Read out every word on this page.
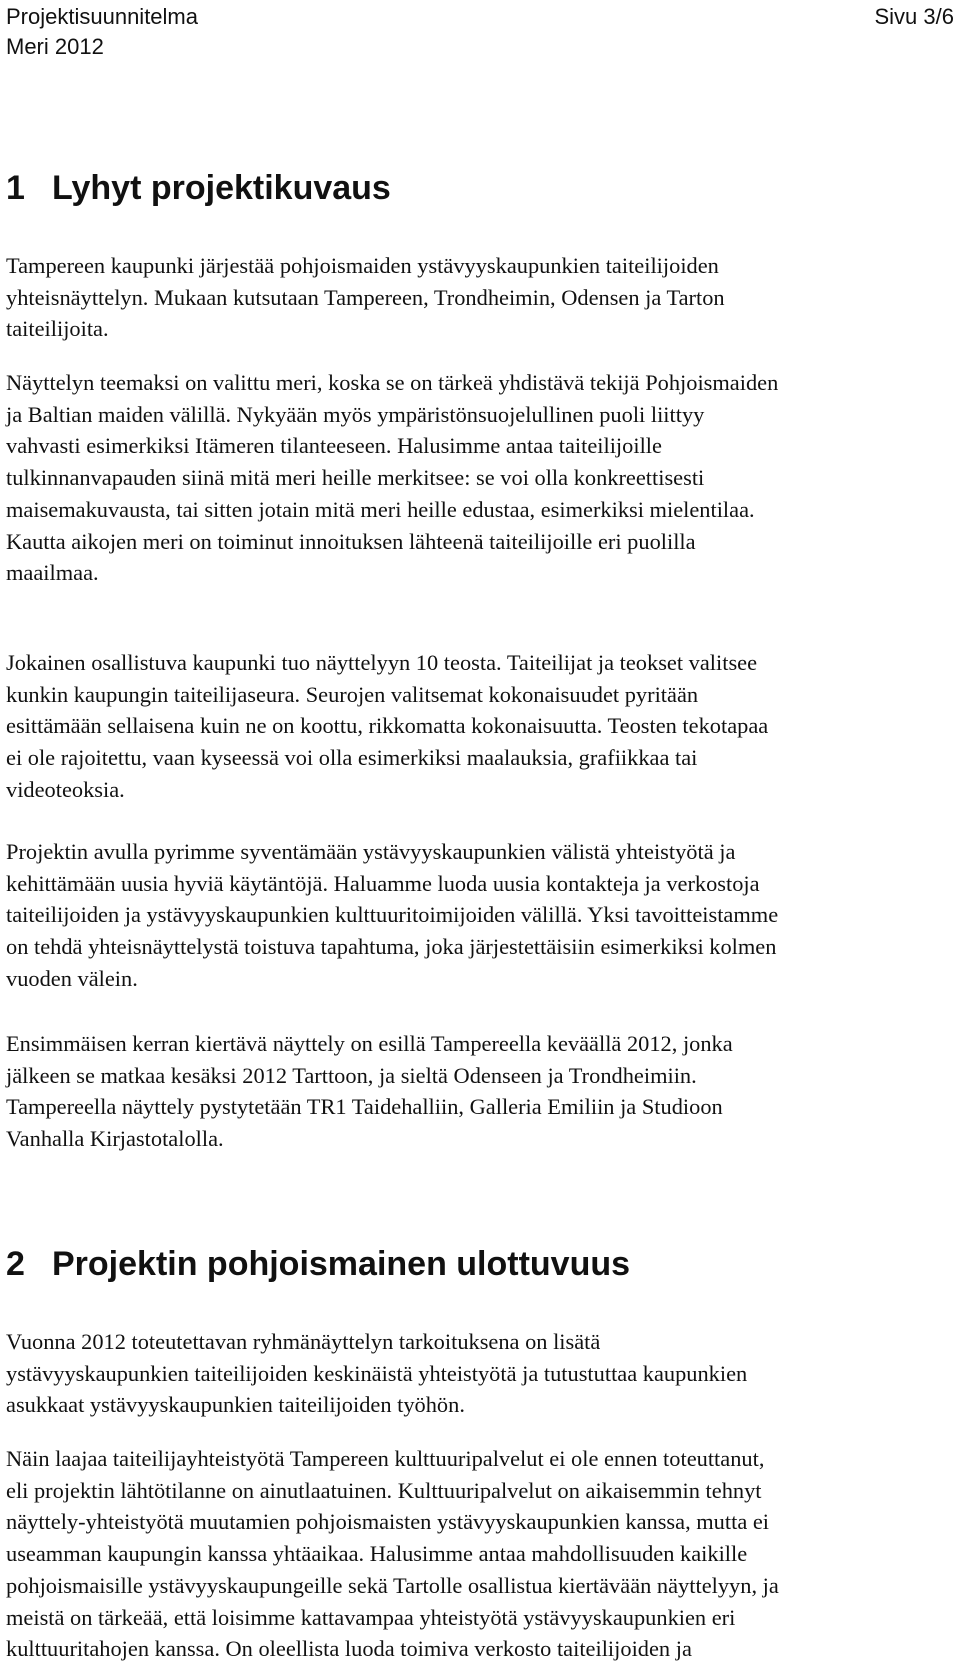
Projektisuunnitelma	Sivu 3/6
Meri 2012
1 Lyhyt projektikuvaus
Tampereen kaupunki järjestää pohjoismaiden ystävyyskaupunkien taiteilijoiden
yhteisnäyttelyn. Mukaan kutsutaan Tampereen, Trondheimin, Odensen ja Tarton
taiteilijoita.
Näyttelyn teemaksi on valittu meri, koska se on tärkeä yhdistävä tekijä Pohjoismaiden
ja Baltian maiden välillä. Nykyään myös ympäristönsuojelullinen puoli liittyy
vahvasti esimerkiksi Itämeren tilanteeseen. Halusimme antaa taiteilijoille
tulkinnanvapauden siinä mitä meri heille merkitsee: se voi olla konkreettisesti
maisemakuvausta, tai sitten jotain mitä meri heille edustaa, esimerkiksi mielentilaa.
Kautta aikojen meri on toiminut innoituksen lähteenä taiteilijoille eri puolilla
maailmaa.
Jokainen osallistuva kaupunki tuo näyttelyyn 10 teosta. Taiteilijat ja teokset valitsee
kunkin kaupungin taiteilijaseura. Seurojen valitsemat kokonaisuudet pyritään
esittämään sellaisena kuin ne on koottu, rikkomatta kokonaisuutta. Teosten tekotapaa
ei ole rajoitettu, vaan kyseessä voi olla esimerkiksi maalauksia, grafiikkaa tai
videoteoksia.
Projektin avulla pyrimme syventämään ystävyyskaupunkien välistä yhteistyötä ja
kehittämään uusia hyviä käytäntöjä. Haluamme luoda uusia kontakteja ja verkostoja
taiteilijoiden ja ystävyyskaupunkien kulttuuritoimijoiden välillä. Yksi tavoitteistamme
on tehdä yhteisnäyttelystä toistuva tapahtuma, joka järjestettäisiin esimerkiksi kolmen
vuoden välein.
Ensimmäisen kerran kiertävä näyttely on esillä Tampereella keväällä 2012, jonka
jälkeen se matkaa kesäksi 2012 Tarttoon, ja sieltä Odenseen ja Trondheimiin.
Tampereella näyttely pystytetään TR1 Taidehalliin, Galleria Emiliin ja Studioon
Vanhalla Kirjastotalolla.
2 Projektin pohjoismainen ulottuvuus
Vuonna 2012 toteutettavan ryhmänäyttelyn tarkoituksena on lisätä
ystävyyskaupunkien taiteilijoiden keskinäistä yhteistyötä ja tutustuttaa kaupunkien
asukkaat ystävyyskaupunkien taiteilijoiden työhön.
Näin laajaa taiteilijayhteistyötä Tampereen kulttuuripalvelut ei ole ennen toteuttanut,
eli projektin lähtötilanne on ainutlaatuinen. Kulttuuripalvelut on aikaisemmin tehnyt
näyttely-yhteistyötä muutamien pohjoismaisten ystävyyskaupunkien kanssa, mutta ei
useamman kaupungin kanssa yhtäaikaa. Halusimme antaa mahdollisuuden kaikille
pohjoismaisille ystävyyskaupungeille sekä Tartolle osallistua kiertävään näyttelyyn, ja
meistä on tärkeää, että loisimme kattavampaa yhteistyötä ystävyyskaupunkien eri
kulttuuritahojen kanssa. On oleellista luoda toimiva verkosto taiteilijoiden ja
